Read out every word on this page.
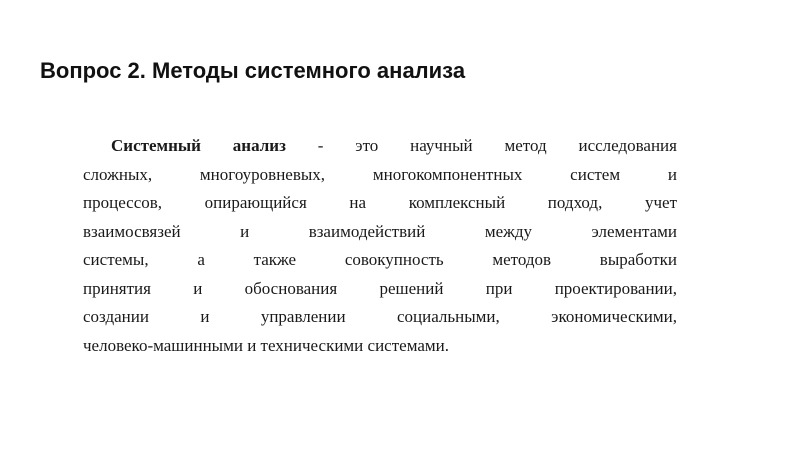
Вопрос 2. Методы системного анализа
Системный анализ - это научный метод исследования
сложных, многоуровневых, многокомпонентных систем и
процессов, опирающийся на комплексный подход, учет
взаимосвязей и взаимодействий между элементами
системы, а также совокупность методов выработки
принятия и обоснования решений при проектировании,
создании и управлении социальными, экономическими,
человеко-машинными и техническими системами.
